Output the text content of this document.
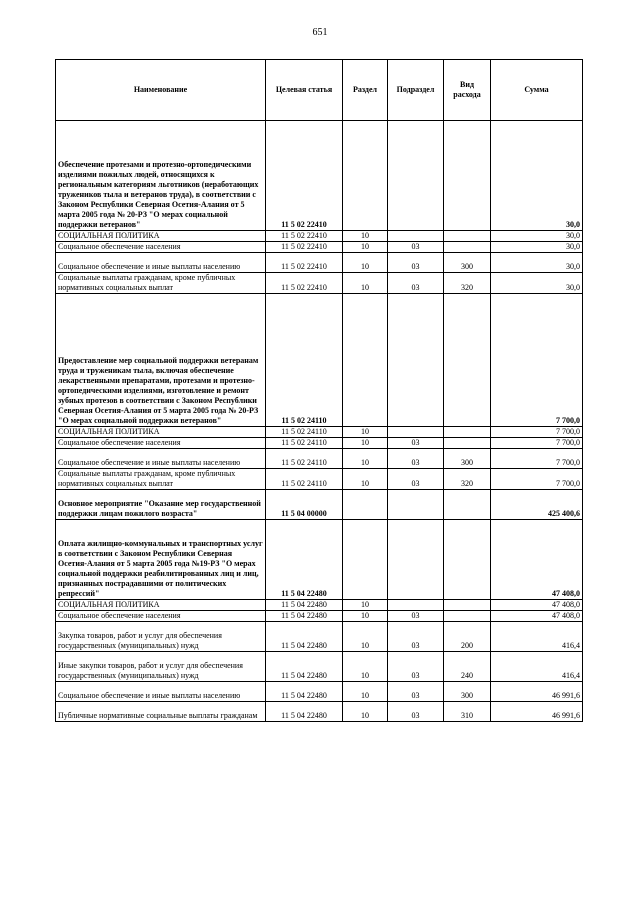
651
Наименование	Целевая статья	Раздел	Подраздел	Вид расхода	Сумма
Обеспечение протезами и протезно-ортопедическими изделиями пожилых людей, относящихся к региональным категориям льготников (неработающих тружеников тыла и ветеранов труда), в соответствии с Законом Республики Северная Осетия-Алания от 5 марта 2005 года № 20-РЗ "О мерах социальной поддержки ветеранов"	11 5 02 22410				30,0
СОЦИАЛЬНАЯ ПОЛИТИКА	11 5 02 22410	10			30,0
Социальное обеспечение населения	11 5 02 22410	10	03		30,0
Социальное обеспечение и иные выплаты населению	11 5 02 22410	10	03	300	30,0
Социальные выплаты гражданам, кроме публичных нормативных социальных выплат	11 5 02 22410	10	03	320	30,0
Предоставление мер социальной поддержки ветеранам труда и труженикам тыла, включая обеспечение лекарственными препаратами, протезами и протезно-ортопедическими изделиями, изготовление и ремонт зубных протезов в соответствии с Законом Республики Северная Осетия-Алания от 5 марта 2005 года № 20-РЗ "О мерах социальной поддержки ветеранов"	11 5 02 24110				7 700,0
СОЦИАЛЬНАЯ ПОЛИТИКА	11 5 02 24110	10			7 700,0
Социальное обеспечение населения	11 5 02 24110	10	03		7 700,0
Социальное обеспечение и иные выплаты населению	11 5 02 24110	10	03	300	7 700,0
Социальные выплаты гражданам, кроме публичных нормативных социальных выплат	11 5 02 24110	10	03	320	7 700,0
Основное мероприятие "Оказание мер государственной поддержки лицам пожилого возраста"	11 5 04 00000				425 400,6
Оплата жилищно-коммунальных и транспортных услуг в соответствии с Законом Республики Северная Осетия-Алания от 5 марта 2005 года №19-РЗ "О мерах социальной поддержки реабилитированных лиц и лиц, признанных пострадавшими от политических репрессий"	11 5 04 22480				47 408,0
СОЦИАЛЬНАЯ ПОЛИТИКА	11 5 04 22480	10			47 408,0
Социальное обеспечение населения	11 5 04 22480	10	03		47 408,0
Закупка товаров, работ и услуг для обеспечения государственных (муниципальных) нужд	11 5 04 22480	10	03	200	416,4
Иные закупки товаров, работ и услуг для обеспечения государственных (муниципальных) нужд	11 5 04 22480	10	03	240	416,4
Социальное обеспечение и иные выплаты населению	11 5 04 22480	10	03	300	46 991,6
Публичные нормативные социальные выплаты гражданам	11 5 04 22480	10	03	310	46 991,6
